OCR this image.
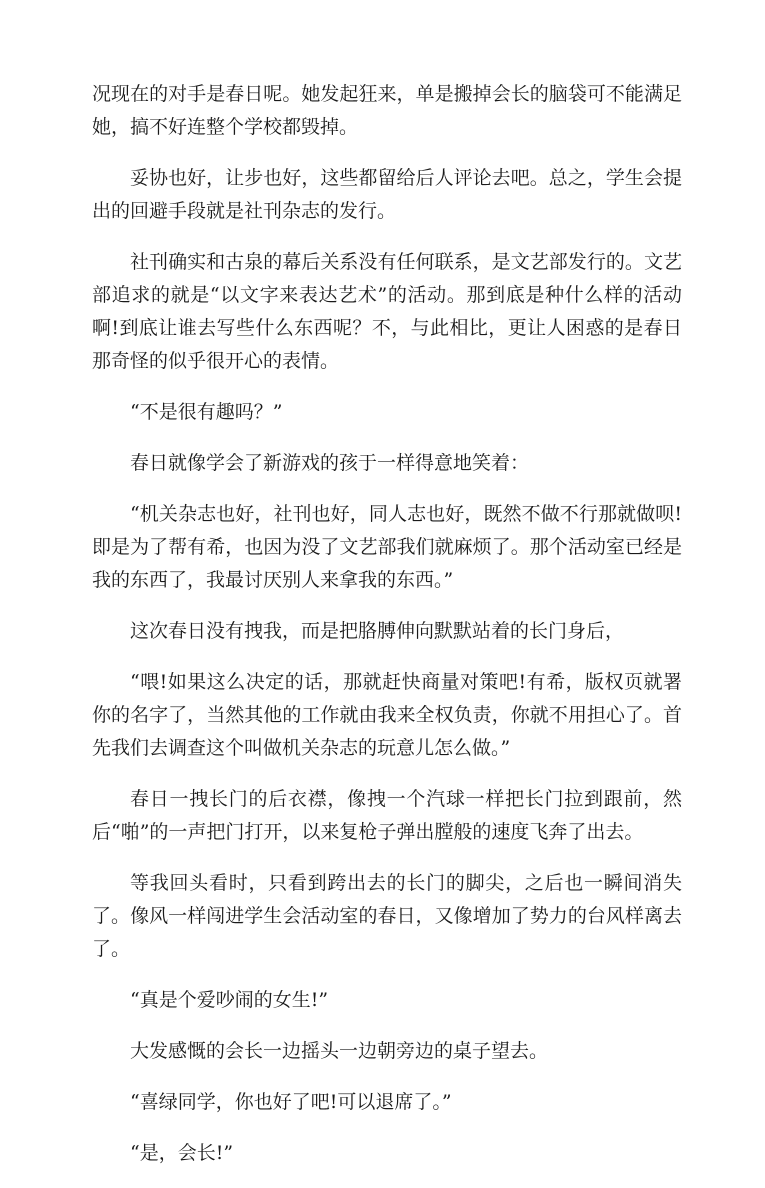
况现在的对手是春日呢。她发起狂来，单是搬掉会长的脑袋可不能满足她，搞不好连整个学校都毁掉。

妥协也好，让步也好，这些都留给后人评论去吧。总之，学生会提出的回避手段就是社刊杂志的发行。

社刊确实和古泉的幕后关系没有任何联系，是文艺部发行的。文艺部追求的就是“以文字来表达艺术”的活动。那到底是种什么样的活动啊!到底让谁去写些什么东西呢？不，与此相比，更让人困惑的是春日那奇怪的似乎很开心的表情。

“不是很有趣吗？”

春日就像学会了新游戏的孩于一样得意地笑着：

“机关杂志也好，社刊也好，同人志也好，既然不做不行那就做呗!即是为了帮有希，也因为没了文艺部我们就麻烦了。那个活动室已经是我的东西了，我最讨厌别人来拿我的东西。”

这次春日没有拽我，而是把胳膊伸向默默站着的长门身后，

“喂!如果这么决定的话，那就赶快商量对策吧!有希，版权页就署你的名字了，当然其他的工作就由我来全权负责，你就不用担心了。首先我们去调查这个叫做机关杂志的玩意儿怎么做。”

春日一拽长门的后衣襟，像拽一个汽球一样把长门拉到跟前，然后“啪”的一声把门打开，以来复枪子弹出膛般的速度飞奔了出去。

等我回头看时，只看到跨出去的长门的脚尖，之后也一瞬间消失了。像风一样闯进学生会活动室的春日，又像增加了势力的台风样离去了。

“真是个爱吵闹的女生!”

大发感慨的会长一边摇头一边朝旁边的桌子望去。

“喜绿同学，你也好了吧!可以退席了。”

“是，会长!”
